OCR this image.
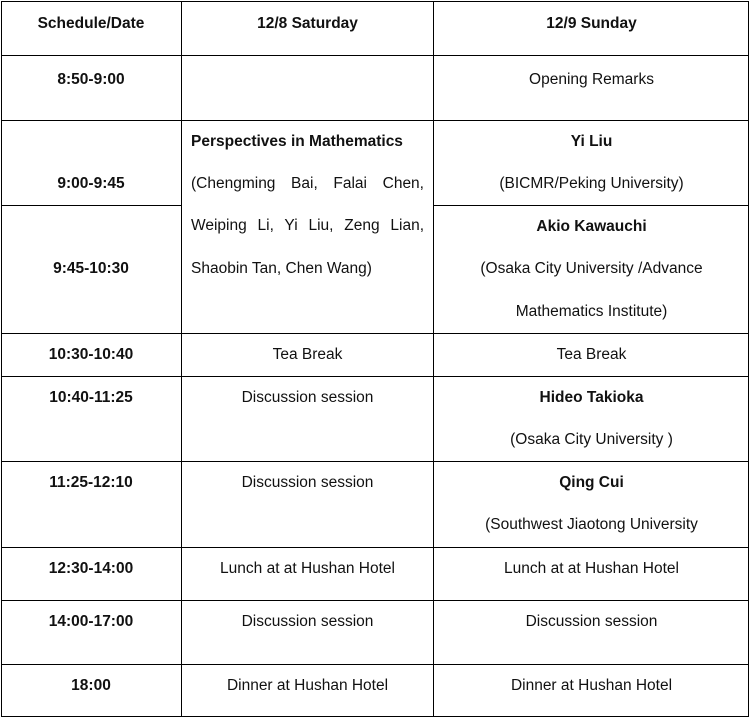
Schedule/Date	12/8 Saturday	12/9 Sunday
8:50-9:00
9:00-9:45
9:45-10:30
10:30-10:40
10:40-11:25
11:25-12:10
12:30-14:00
14:00-17:00
18:00
Perspectives in Mathematics
(Chengming Bai, Falai Chen,
Weiping Li, Yi Liu, Zeng Lian,
Shaobin Tan, Chen Wang)
Tea Break
Discussion session
Discussion session
Lunch at at Hushan Hotel
Discussion session
Dinner at Hushan Hotel
Opening Remarks
Yi Liu
(BICMR/Peking University)
Akio Kawauchi
(Osaka City University /Advance
Mathematics Institute)
Tea Break
Hideo Takioka
(Osaka City University )
Qing Cui
(Southwest Jiaotong University
Lunch at at Hushan Hotel
Discussion session
Dinner at Hushan Hotel
